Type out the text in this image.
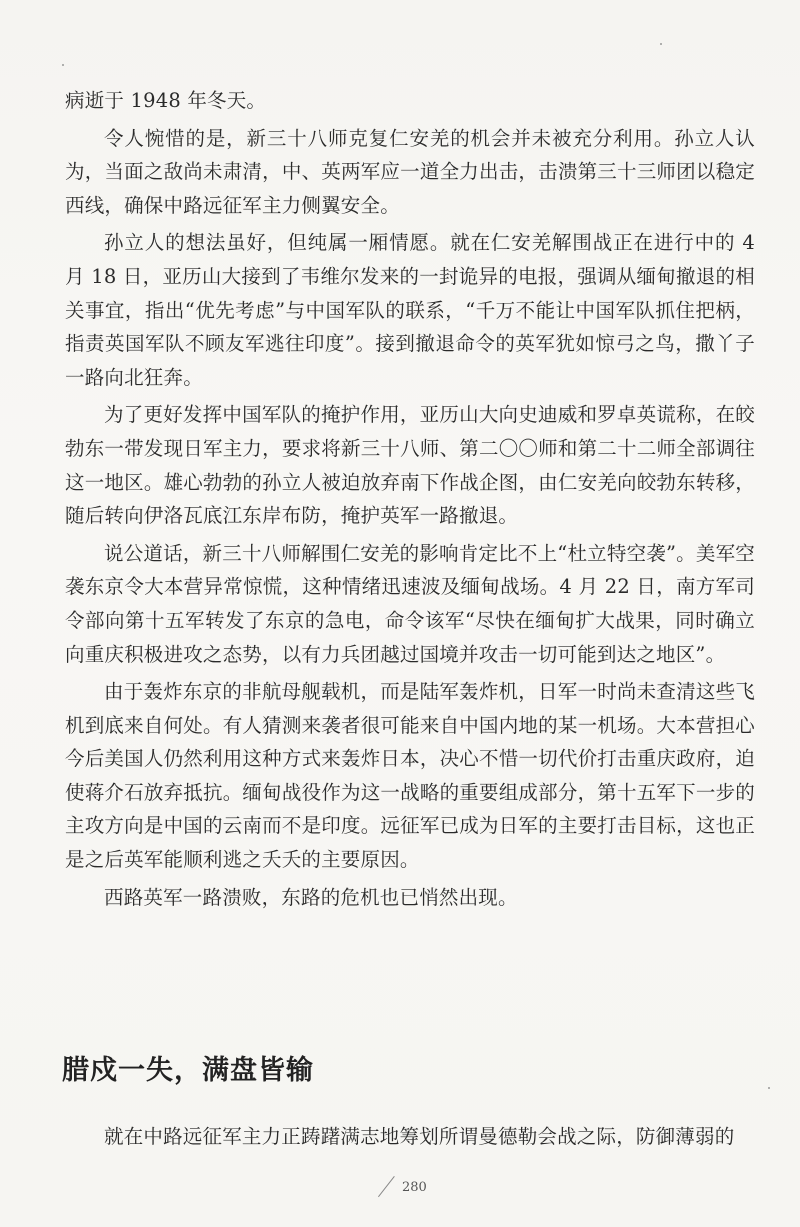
病逝于 1948 年冬天。

令人惋惜的是，新三十八师克复仁安羌的机会并未被充分利用。孙立人认为，当面之敌尚未肃清，中、英两军应一道全力出击，击溃第三十三师团以稳定西线，确保中路远征军主力侧翼安全。

孙立人的想法虽好，但纯属一厢情愿。就在仁安羌解围战正在进行中的 4 月 18 日，亚历山大接到了韦维尔发来的一封诡异的电报，强调从缅甸撤退的相关事宜，指出“优先考虑”与中国军队的联系，“千万不能让中国军队抓住把柄，指责英国军队不顾友军逃往印度”。接到撤退命令的英军犹如惊弓之鸟，撒丫子一路向北狂奔。

为了更好发挥中国军队的掩护作用，亚历山大向史迪威和罗卓英谎称，在皎勃东一带发现日军主力，要求将新三十八师、第二〇〇师和第二十二师全部调往这一地区。雄心勃勃的孙立人被迫放弃南下作战企图，由仁安羌向皎勃东转移，随后转向伊洛瓦底江东岸布防，掩护英军一路撤退。

说公道话，新三十八师解围仁安羌的影响肯定比不上“杜立特空袭”。美军空袭东京令大本营异常惊慌，这种情绪迅速波及缅甸战场。4 月 22 日，南方军司令部向第十五军转发了东京的急电，命令该军“尽快在缅甸扩大战果，同时确立向重庆积极进攻之态势，以有力兵团越过国境并攻击一切可能到达之地区”。

由于轰炸东京的非航母舰载机，而是陆军轰炸机，日军一时尚未查清这些飞机到底来自何处。有人猜测来袭者很可能来自中国内地的某一机场。大本营担心今后美国人仍然利用这种方式来轰炸日本，决心不惜一切代价打击重庆政府，迫使蒋介石放弃抵抗。缅甸战役作为这一战略的重要组成部分，第十五军下一步的主攻方向是中国的云南而不是印度。远征军已成为日军的主要打击目标，这也正是之后英军能顺利逃之夭夭的主要原因。

西路英军一路溃败，东路的危机也已悄然出现。

腊戍一失，满盘皆输

就在中路远征军主力正踌躇满志地筹划所谓曼德勒会战之际，防御薄弱的

280
